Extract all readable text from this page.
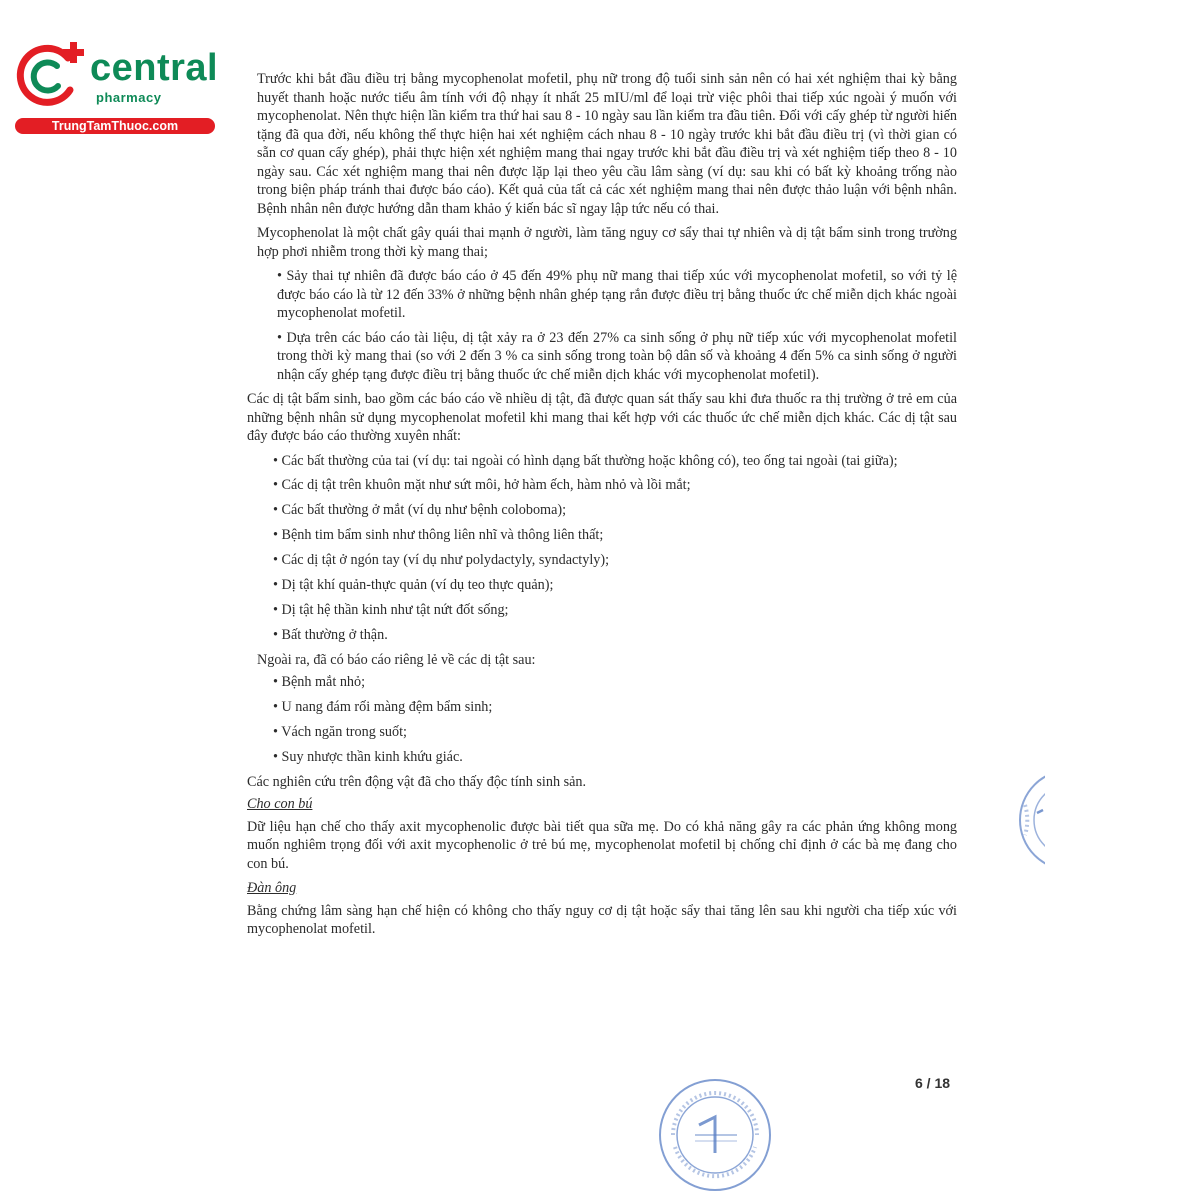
central
pharmacy
TrungTamThuoc.com

Trước khi bắt đầu điều trị bằng mycophenolat mofetil, phụ nữ trong độ tuổi sinh sản nên có hai xét nghiệm thai kỳ bằng huyết thanh hoặc nước tiểu âm tính với độ nhạy ít nhất 25 mIU/ml để loại trừ việc phôi thai tiếp xúc ngoài ý muốn với mycophenolat. Nên thực hiện lần kiểm tra thứ hai sau 8 - 10 ngày sau lần kiểm tra đầu tiên. Đối với cấy ghép từ người hiến tặng đã qua đời, nếu không thể thực hiện hai xét nghiệm cách nhau 8 - 10 ngày trước khi bắt đầu điều trị (vì thời gian có sẵn cơ quan cấy ghép), phải thực hiện xét nghiệm mang thai ngay trước khi bắt đầu điều trị và xét nghiệm tiếp theo 8 - 10 ngày sau. Các xét nghiệm mang thai nên được lặp lại theo yêu cầu lâm sàng (ví dụ: sau khi có bất kỳ khoảng trống nào trong biện pháp tránh thai được báo cáo). Kết quả của tất cả các xét nghiệm mang thai nên được thảo luận với bệnh nhân. Bệnh nhân nên được hướng dẫn tham khảo ý kiến bác sĩ ngay lập tức nếu có thai.

Mycophenolat là một chất gây quái thai mạnh ở người, làm tăng nguy cơ sẩy thai tự nhiên và dị tật bẩm sinh trong trường hợp phơi nhiễm trong thời kỳ mang thai;

• Sảy thai tự nhiên đã được báo cáo ở 45 đến 49% phụ nữ mang thai tiếp xúc với mycophenolat mofetil, so với tỷ lệ được báo cáo là từ 12 đến 33% ở những bệnh nhân ghép tạng rắn được điều trị bằng thuốc ức chế miễn dịch khác ngoài mycophenolat mofetil.

• Dựa trên các báo cáo tài liệu, dị tật xảy ra ở 23 đến 27% ca sinh sống ở phụ nữ tiếp xúc với mycophenolat mofetil trong thời kỳ mang thai (so với 2 đến 3 % ca sinh sống trong toàn bộ dân số và khoảng 4 đến 5% ca sinh sống ở người nhận cấy ghép tạng được điều trị bằng thuốc ức chế miễn dịch khác với mycophenolat mofetil).

Các dị tật bẩm sinh, bao gồm các báo cáo về nhiều dị tật, đã được quan sát thấy sau khi đưa thuốc ra thị trường ở trẻ em của những bệnh nhân sử dụng mycophenolat mofetil khi mang thai kết hợp với các thuốc ức chế miễn dịch khác. Các dị tật sau đây được báo cáo thường xuyên nhất:

• Các bất thường của tai (ví dụ: tai ngoài có hình dạng bất thường hoặc không có), teo ống tai ngoài (tai giữa);
• Các dị tật trên khuôn mặt như sứt môi, hở hàm ếch, hàm nhỏ và lồi mắt;
• Các bất thường ở mắt (ví dụ như bệnh coloboma);
• Bệnh tim bẩm sinh như thông liên nhĩ và thông liên thất;
• Các dị tật ở ngón tay (ví dụ như polydactyly, syndactyly);
• Dị tật khí quản-thực quản (ví dụ teo thực quản);
• Dị tật hệ thần kinh như tật nứt đốt sống;
• Bất thường ở thận.

Ngoài ra, đã có báo cáo riêng lẻ về các dị tật sau:

• Bệnh mắt nhỏ;
• U nang đám rối màng đệm bẩm sinh;
• Vách ngăn trong suốt;
• Suy nhược thần kinh khứu giác.

Các nghiên cứu trên động vật đã cho thấy độc tính sinh sản.

Cho con bú

Dữ liệu hạn chế cho thấy axit mycophenolic được bài tiết qua sữa mẹ. Do có khả năng gây ra các phản ứng không mong muốn nghiêm trọng đối với axit mycophenolic ở trẻ bú mẹ, mycophenolat mofetil bị chống chỉ định ở các bà mẹ đang cho con bú.

Đàn ông

Bằng chứng lâm sàng hạn chế hiện có không cho thấy nguy cơ dị tật hoặc sẩy thai tăng lên sau khi người cha tiếp xúc với mycophenolat mofetil.

6 / 18
